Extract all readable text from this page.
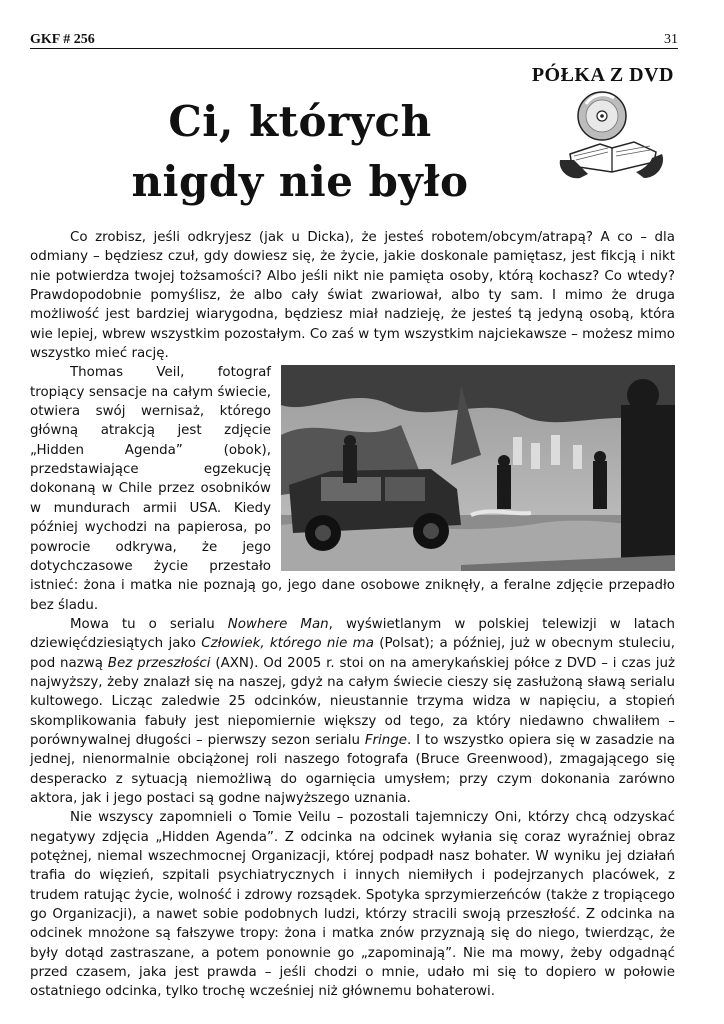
GKF # 256	31
PÓŁKA Z DVD
Ci, których
nigdy nie było

Co zrobisz, jeśli odkryjesz (jak u Dicka), że jesteś robotem/obcym/atrapą? A co – dla odmiany – będziesz czuł, gdy dowiesz się, że życie, jakie doskonale pamiętasz, jest fikcją i nikt nie potwierdza twojej tożsamości? Albo jeśli nikt nie pamięta osoby, którą kochasz? Co wtedy? Prawdopodobnie pomyślisz, że albo cały świat zwariował, albo ty sam. I mimo że druga możliwość jest bardziej wiarygodna, będziesz miał nadzieję, że jesteś tą jedyną osobą, która wie lepiej, wbrew wszystkim pozostałym. Co zaś w tym wszystkim najciekawsze – możesz mimo wszystko mieć rację.

Thomas Veil, fotograf tropiący sensacje na całym świecie, otwiera swój wernisaż, którego główną atrakcją jest zdjęcie „Hidden Agenda” (obok), przedstawiające egzekucję dokonaną w Chile przez osobników w mundurach armii USA. Kiedy później wychodzi na papierosa, po powrocie odkrywa, że jego dotychczasowe życie przestało istnieć: żona i matka nie poznają go, jego dane osobowe zniknęły, a feralne zdjęcie przepadło bez śladu.

Mowa tu o serialu Nowhere Man, wyświetlanym w polskiej telewizji w latach dziewięćdziesiątych jako Człowiek, którego nie ma (Polsat); a później, już w obecnym stuleciu, pod nazwą Bez przeszłości (AXN). Od 2005 r. stoi on na amerykańskiej półce z DVD – i czas już najwyższy, żeby znalazł się na naszej, gdyż na całym świecie cieszy się zasłużoną sławą serialu kultowego. Licząc zaledwie 25 odcinków, nieustannie trzyma widza w napięciu, a stopień skomplikowania fabuły jest niepomiernie większy od tego, za który niedawno chwaliłem – porównywalnej długości – pierwszy sezon serialu Fringe. I to wszystko opiera się w zasadzie na jednej, nienormalnie obciążonej roli naszego fotografa (Bruce Greenwood), zmagającego się desperacko z sytuacją niemożliwą do ogarnięcia umysłem; przy czym dokonania zarówno aktora, jak i jego postaci są godne najwyższego uznania.

Nie wszyscy zapomnieli o Tomie Veilu – pozostali tajemniczy Oni, którzy chcą odzyskać negatywy zdjęcia „Hidden Agenda”. Z odcinka na odcinek wyłania się coraz wyraźniej obraz potężnej, niemal wszechmocnej Organizacji, której podpadł nasz bohater. W wyniku jej działań trafia do więzień, szpitali psychiatrycznych i innych niemiłych i podejrzanych placówek, z trudem ratując życie, wolność i zdrowy rozsądek. Spotyka sprzymierzeńców (także z tropiącego go Organizacji), a nawet sobie podobnych ludzi, którzy stracili swoją przeszłość. Z odcinka na odcinek mnożone są fałszywe tropy: żona i matka znów przyznają się do niego, twierdząc, że były dotąd zastraszane, a potem ponownie go „zapominają”. Nie ma mowy, żeby odgadnąć przed czasem, jaka jest prawda – jeśli chodzi o mnie, udało mi się to dopiero w połowie ostatniego odcinka, tylko trochę wcześniej niż głównemu bohaterowi.
